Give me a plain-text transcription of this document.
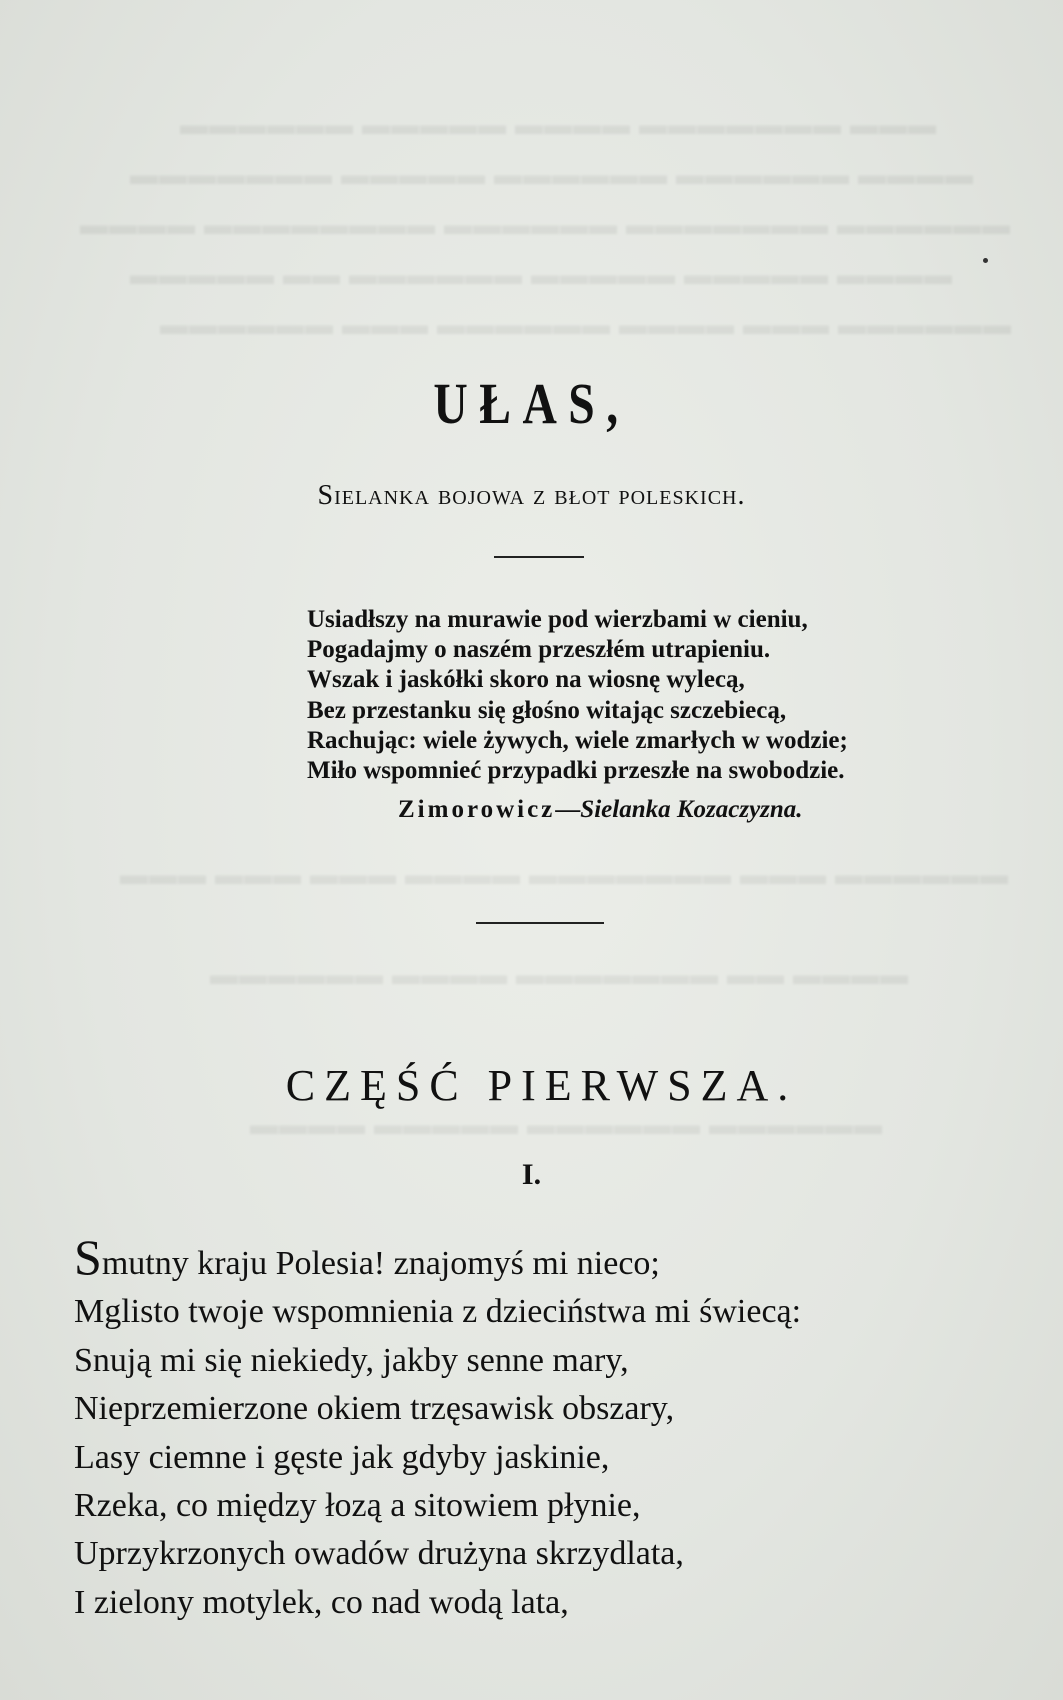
▬▬▬▬▬▬ ▬▬▬▬▬ ▬▬▬▬ ▬▬▬▬▬▬▬ ▬▬▬
▬▬▬▬▬▬▬ ▬▬▬▬▬ ▬▬▬▬▬▬ ▬▬▬▬▬▬ ▬▬▬▬
▬▬▬▬ ▬▬▬▬▬▬▬▬ ▬▬▬▬▬▬ ▬▬▬▬▬▬▬ ▬▬▬▬▬▬
▬▬▬▬▬ ▬▬ ▬▬▬▬▬▬ ▬▬▬▬▬ ▬▬▬▬▬ ▬▬▬▬
▬▬▬▬▬▬ ▬▬▬ ▬▬▬▬▬▬ ▬▬▬▬ ▬▬▬ ▬▬▬▬▬▬
▬▬▬ ▬▬▬ ▬▬▬ ▬▬▬▬ ▬▬▬▬▬▬▬ ▬▬▬ ▬▬▬▬▬▬
▬▬▬▬▬▬ ▬▬▬▬ ▬▬▬▬▬▬▬ ▬▬ ▬▬▬▬
▬▬▬▬ ▬▬▬▬▬ ▬▬▬▬▬▬ ▬▬▬▬▬▬
UŁAS,
Sielanka bojowa z błot poleskich.
Usiadłszy na murawie pod wierzbami w cieniu,
Pogadajmy o naszém przeszłém utrapieniu.
Wszak i jaskółki skoro na wiosnę wylecą,
Bez przestanku się głośno witając szczebiecą,
Rachując: wiele żywych, wiele zmarłych w wodzie;
Miło wspomnieć przypadki przeszłe na swobodzie.
Zimorowicz—Sielanka Kozaczyzna.
CZĘŚĆ PIERWSZA.
I.
Smutny kraju Polesia! znajomyś mi nieco;
Mglisto twoje wspomnienia z dzieciństwa mi świecą:
Snują mi się niekiedy, jakby senne mary,
Nieprzemierzone okiem trzęsawisk obszary,
Lasy ciemne i gęste jak gdyby jaskinie,
Rzeka, co między łozą a sitowiem płynie,
Uprzykrzonych owadów drużyna skrzydlata,
I zielony motylek, co nad wodą lata,
